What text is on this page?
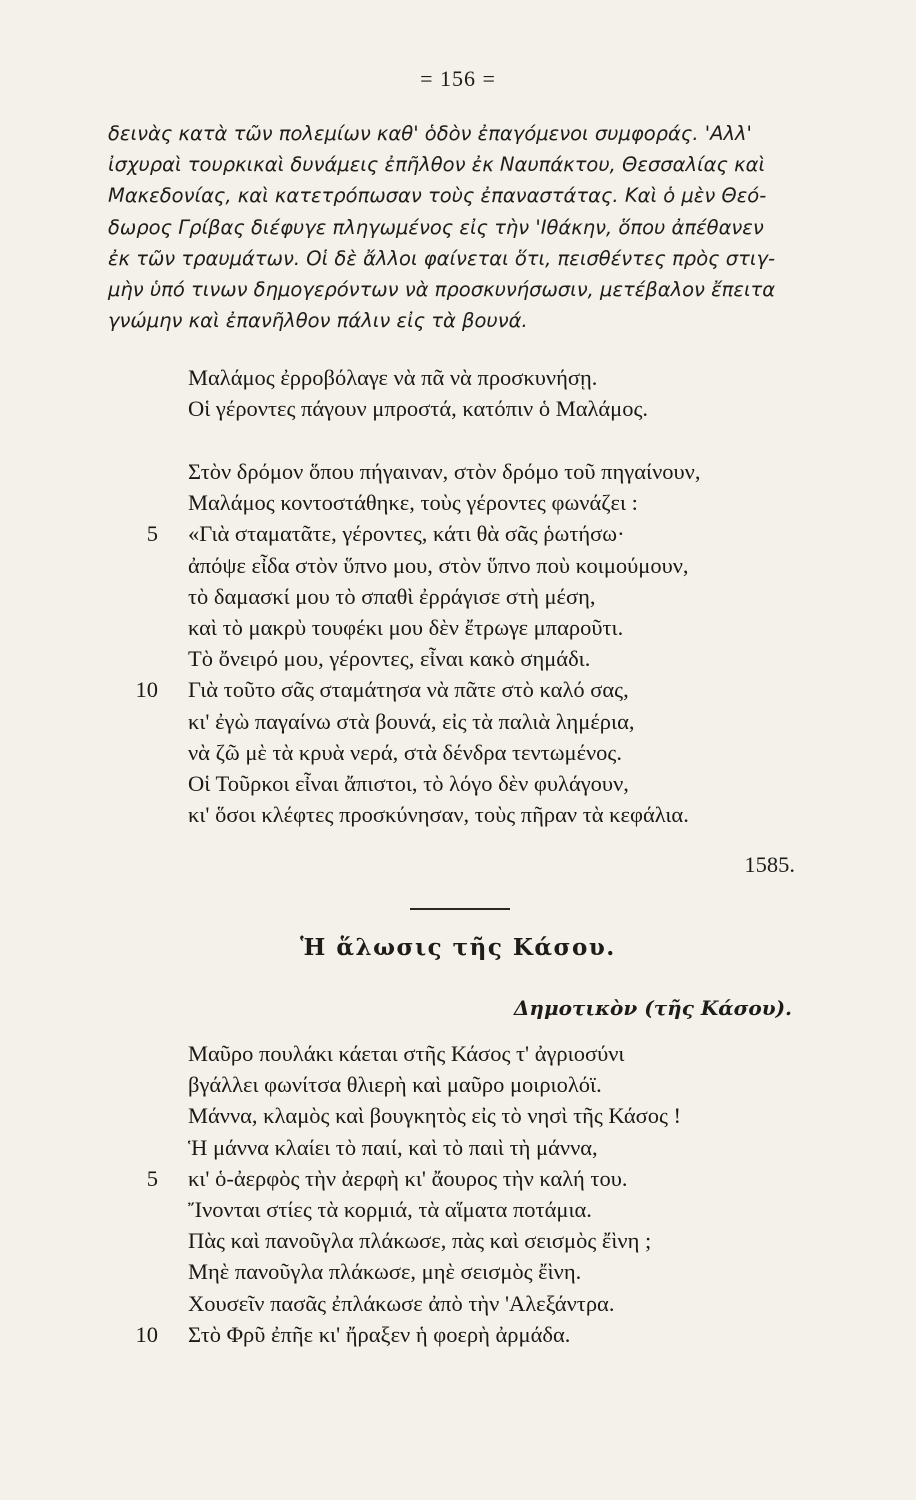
= 156 =
δεινὰς κατὰ τῶν πολεμίων καθ' ὁδὸν ἐπαγόμενοι συμφοράς. 'Αλλ'
ἰσχυραὶ τουρκικαὶ δυνάμεις ἐπῆλθον ἐκ Ναυπάκτου, Θεσσαλίας καὶ
Μακεδονίας, καὶ κατετρόπωσαν τοὺς ἐπαναστάτας. Καὶ ὁ μὲν Θεό-
δωρος Γρίβας διέφυγε πληγωμένος εἰς τὴν 'Ιθάκην, ὅπου ἀπέθανεν
ἐκ τῶν τραυμάτων. Οἱ δὲ ἄλλοι φαίνεται ὅτι, πεισθέντες πρὸς στιγ-
μὴν ὑπό τινων δημογερόντων νὰ προσκυνήσωσιν, μετέβαλον ἔπειτα
γνώμην καὶ ἐπανῆλθον πάλιν εἰς τὰ βουνά.
Μαλάμος ἐρροβόλαγε νὰ πᾶ νὰ προσκυνήσῃ.
Οἱ γέροντες πάγουν μπροστά, κατόπιν ὁ Μαλάμος.
Στὸν δρόμον ὅπου πήγαιναν, στὸν δρόμο τοῦ πηγαίνουν,
Μαλάμος κοντοστάθηκε, τοὺς γέροντες φωνάζει :
5 «Γιὰ σταματᾶτε, γέροντες, κάτι θὰ σᾶς ῥωτήσω·
ἀπόψε εἶδα στὸν ὕπνο μου, στὸν ὕπνο ποὺ κοιμούμουν,
τὸ δαμασκί μου τὸ σπαθὶ ἐρράγισε στὴ μέση,
καὶ τὸ μακρὺ τουφέκι μου δὲν ἔτρωγε μπαροῦτι.
Τὸ ὄνειρό μου, γέροντες, εἶναι κακὸ σημάδι.
10 Γιὰ τοῦτο σᾶς σταμάτησα νὰ πᾶτε στὸ καλό σας,
κι' ἐγὼ παγαίνω στὰ βουνά, εἰς τὰ παλιὰ λημέρια,
νὰ ζῶ μὲ τὰ κρυὰ νερά, στὰ δένδρα τεντωμένος.
Οἱ Τοῦρκοι εἶναι ἄπιστοι, τὸ λόγο δὲν φυλάγουν,
κι' ὅσοι κλέφτες προσκύνησαν, τοὺς πῆραν τὰ κεφάλια.
1585.
Ἡ ἅλωσις τῆς Κάσου.
Δημοτικὸν (τῆς Κάσου).
Μαῦρο πουλάκι κάεται στῆς Κάσος τ' ἀγριοσύνι
βγάλλει φωνίτσα θλιερὴ καὶ μαῦρο μοιριολόϊ.
Μάννα, κλαμὸς καὶ βουγκητὸς εἰς τὸ νησὶ τῆς Κάσος !
Ἡ μάννα κλαίει τὸ παιί, καὶ τὸ παιὶ τὴ μάννα,
5 κι' ὁ-ἀερφὸς τὴν ἀερφὴ κι' ἄουρος τὴν καλή του.
Ἴνονται στίες τὰ κορμιά, τὰ αἵματα ποτάμια.
Πὰς καὶ πανοῦγλα πλάκωσε, πὰς καὶ σεισμὸς ἔὶνη ;
Μηὲ πανοῦγλα πλάκωσε, μηὲ σεισμὸς ἔὶνη.
Χουσεῖν πασᾶς ἐπλάκωσε ἀπὸ τὴν 'Αλεξάντρα.
10 Στὸ Φρῦ ἐπῆε κι' ἤραξεν ἡ φοερὴ ἀρμάδα.
